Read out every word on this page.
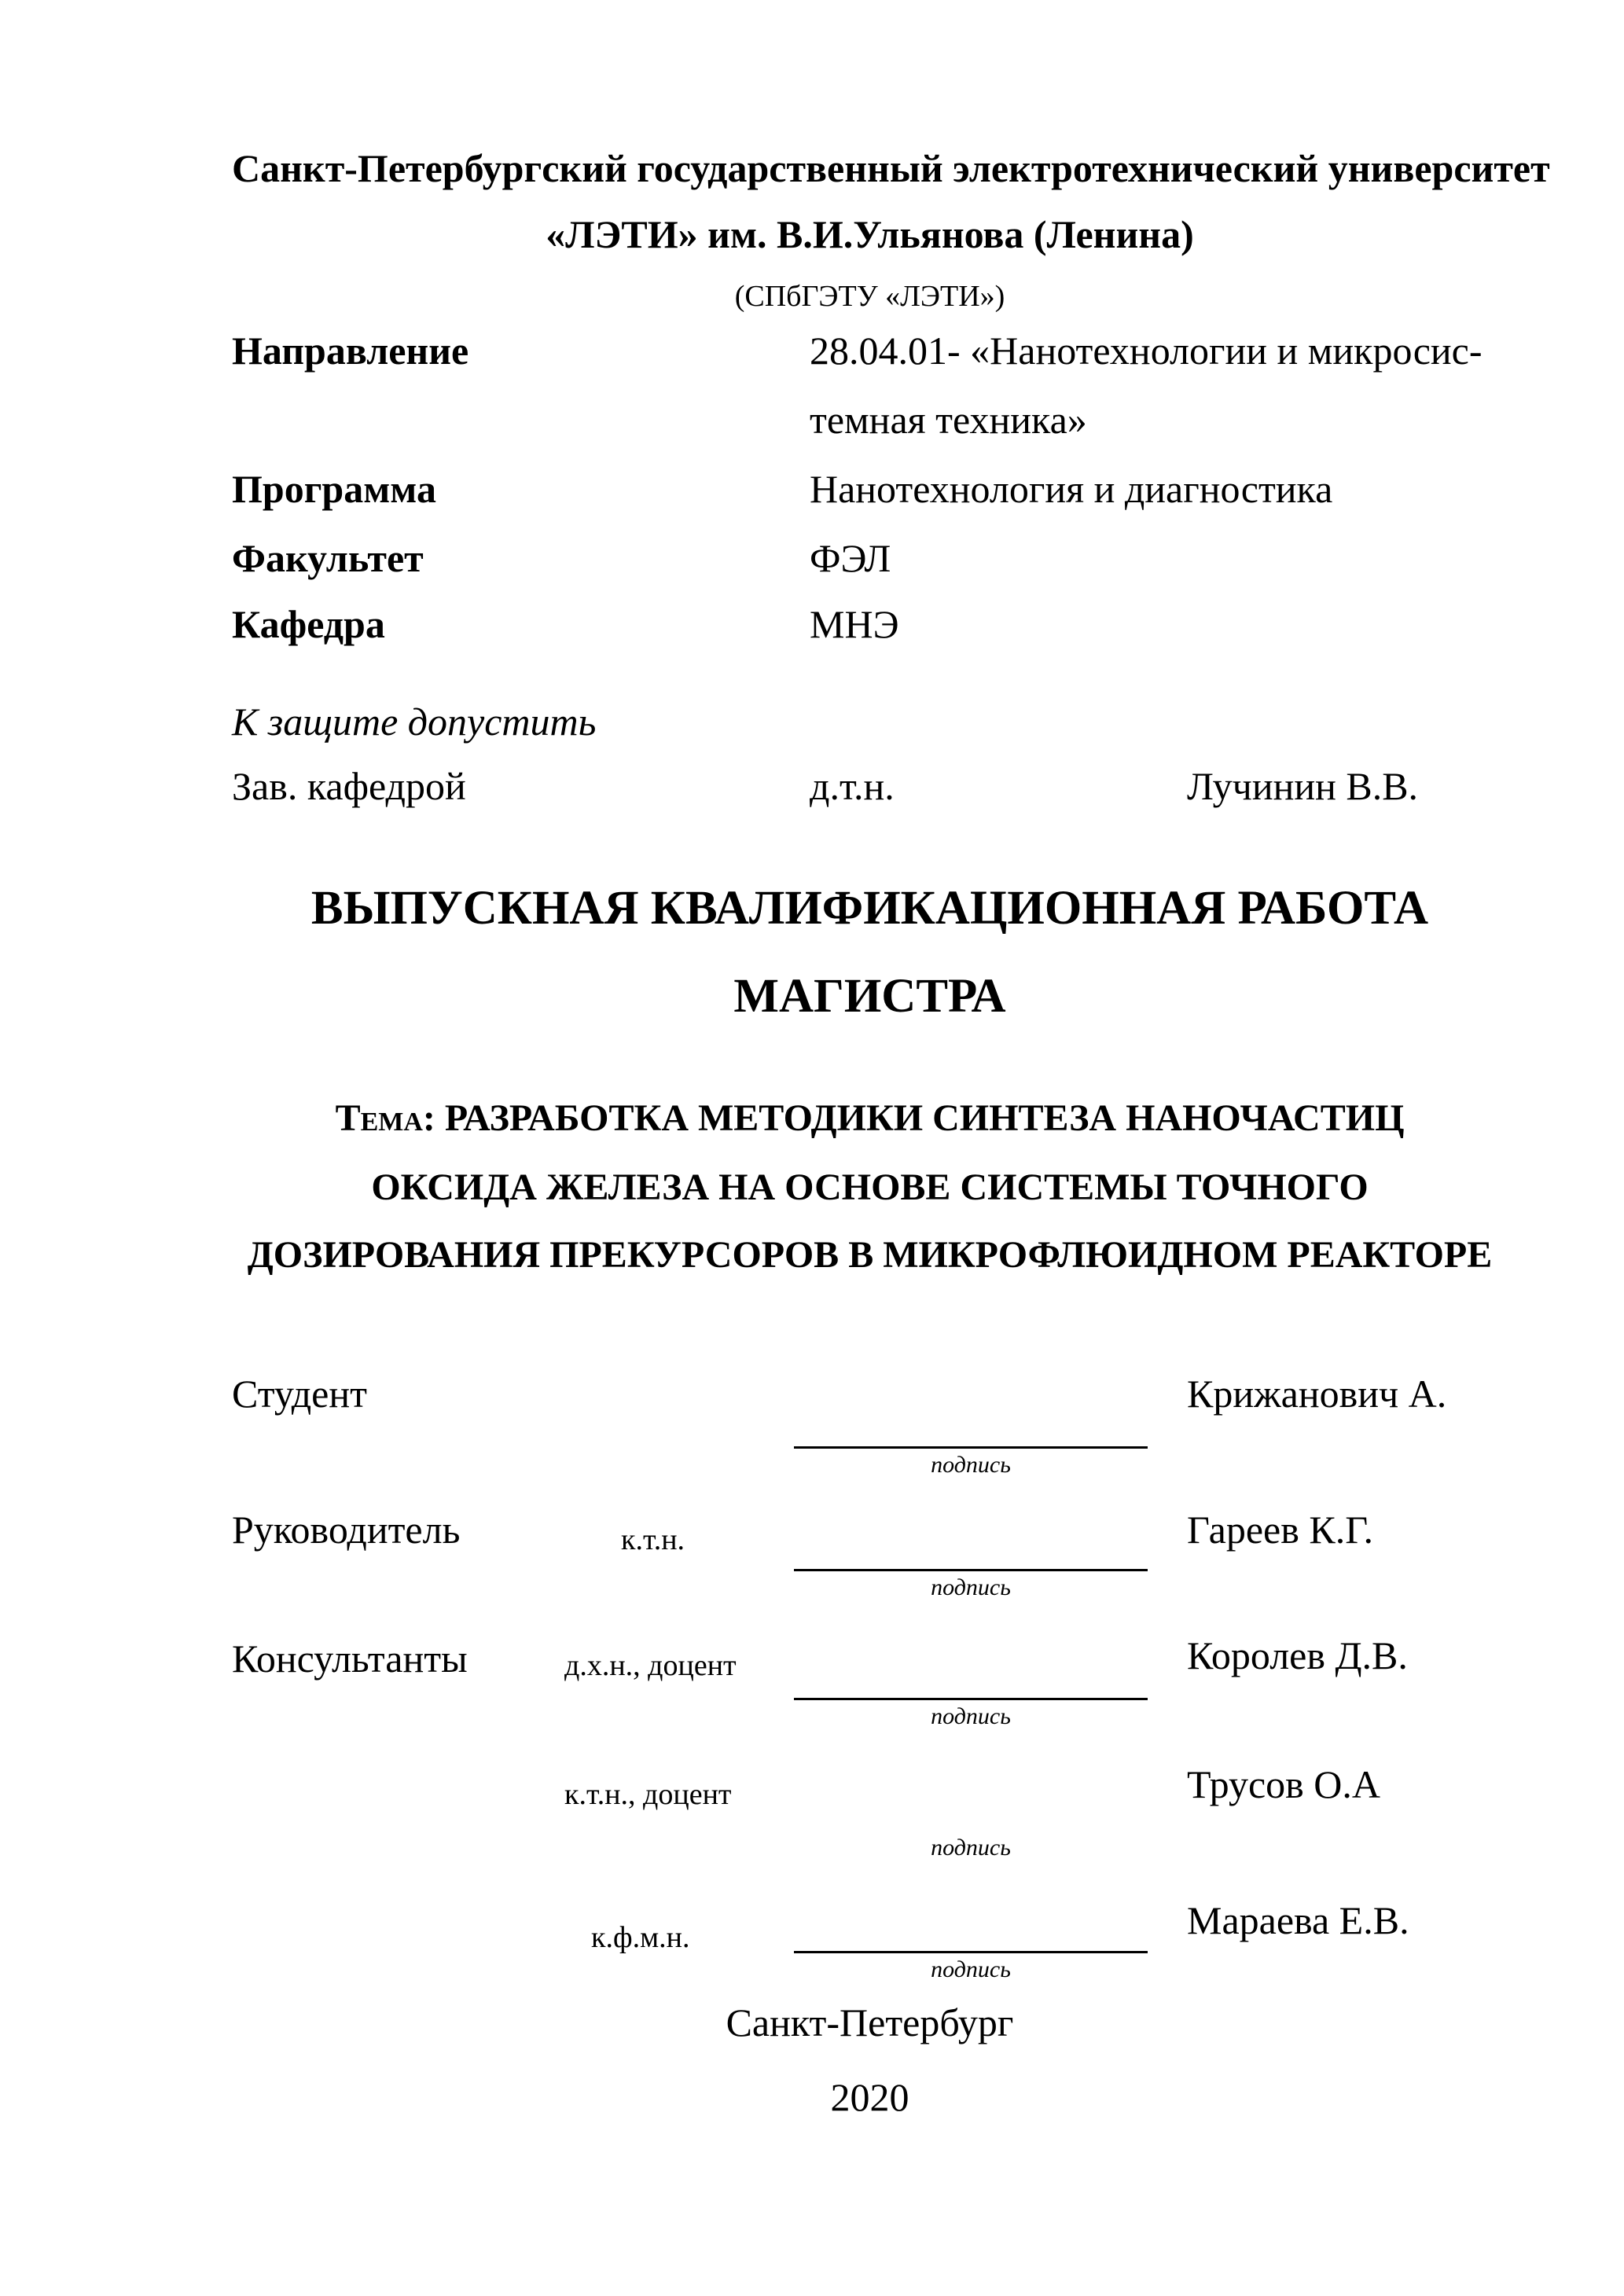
Санкт-Петербургский государственный электротехнический университет
«ЛЭТИ» им. В.И.Ульянова (Ленина)
(СПбГЭТУ «ЛЭТИ»)
Направление	28.04.01- «Нанотехнологии и микросис-
темная техника»
Программа	Нанотехнология и диагностика
Факультет	ФЭЛ
Кафедра	МНЭ
К защите допустить
Зав. кафедрой	д.т.н.	Лучинин В.В.
ВЫПУСКНАЯ КВАЛИФИКАЦИОННАЯ РАБОТА
МАГИСТРА
Тема: РАЗРАБОТКА МЕТОДИКИ СИНТЕЗА НАНОЧАСТИЦ
ОКСИДА ЖЕЛЕЗА НА ОСНОВЕ СИСТЕМЫ ТОЧНОГО
ДОЗИРОВАНИЯ ПРЕКУРСОРОВ В МИКРОФЛЮИДНОМ РЕАКТОРЕ
Студент	Крижанович А.
подпись
Руководитель	к.т.н.	Гареев К.Г.
подпись
Консультанты	д.х.н., доцент	Королев Д.В.
подпись
к.т.н., доцент	Трусов О.А
подпись
к.ф.м.н.	Мараева Е.В.
подпись
Санкт-Петербург
2020
